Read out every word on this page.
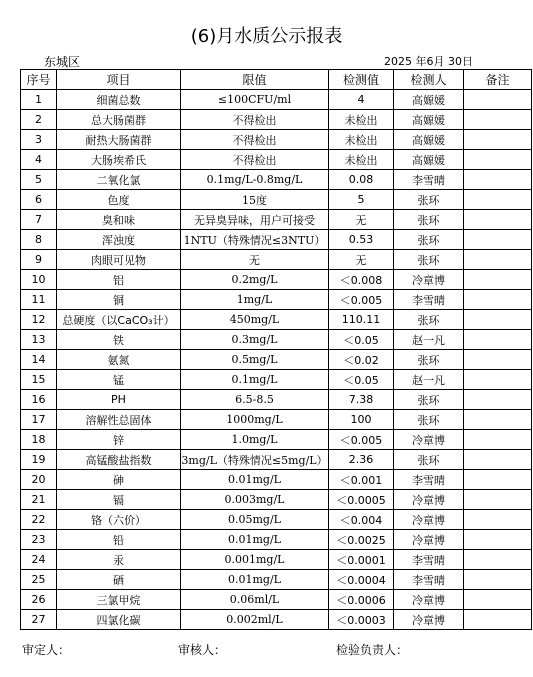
(6)月水质公示报表
东城区	2025 年6月 30日
序号	项目	限值	检测值	检测人	备注
1	细菌总数	≤100CFU/ml	4	高嫄媛	
2	总大肠菌群	不得检出	未检出	高嫄媛	
3	耐热大肠菌群	不得检出	未检出	高嫄媛	
4	大肠埃希氏	不得检出	未检出	高嫄媛	
5	二氧化氯	0.1mg/L-0.8mg/L	0.08	李雪晴	
6	色度	15度	5	张环	
7	臭和味	无异臭异味，用户可接受	无	张环	
8	浑浊度	1NTU（特殊情况≤3NTU）	0.53	张环	
9	肉眼可见物	无	无	张环	
10	铝	0.2mg/L	＜0.008	冷章博	
11	铜	1mg/L	＜0.005	李雪晴	
12	总硬度（以CaCO₃计）	450mg/L	110.11	张环	
13	铁	0.3mg/L	＜0.05	赵一凡	
14	氨氮	0.5mg/L	＜0.02	张环	
15	锰	0.1mg/L	＜0.05	赵一凡	
16	PH	6.5-8.5	7.38	张环	
17	溶解性总固体	1000mg/L	100	张环	
18	锌	1.0mg/L	＜0.005	冷章博	
19	高锰酸盐指数	3mg/L（特殊情况≤5mg/L）	2.36	张环	
20	砷	0.01mg/L	＜0.001	李雪晴	
21	镉	0.003mg/L	＜0.0005	冷章博	
22	铬（六价）	0.05mg/L	＜0.004	冷章博	
23	铅	0.01mg/L	＜0.0025	冷章博	
24	汞	0.001mg/L	＜0.0001	李雪晴	
25	硒	0.01mg/L	＜0.0004	李雪晴	
26	三氯甲烷	0.06ml/L	＜0.0006	冷章博	
27	四氯化碳	0.002ml/L	＜0.0003	冷章博	
审定人：	审核人：	检验负责人：
